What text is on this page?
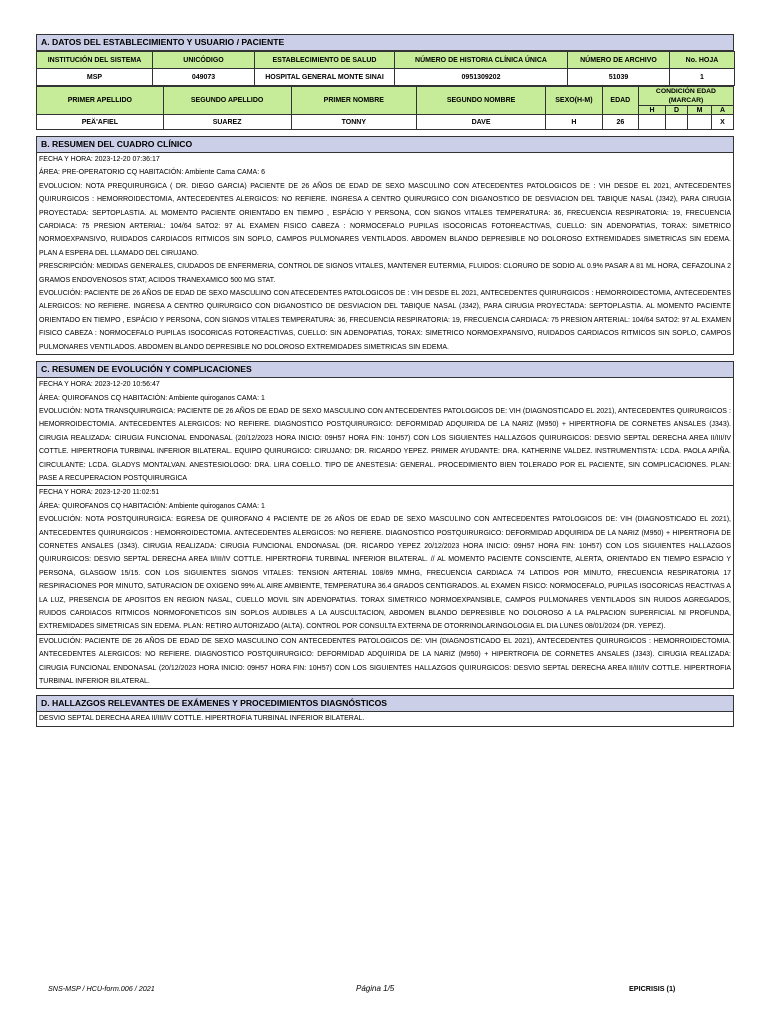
A. DATOS DEL ESTABLECIMIENTO Y USUARIO / PACIENTE
INSTITUCIÓN DEL SISTEMA	UNICÓDIGO	ESTABLECIMIENTO DE SALUD	NÚMERO DE HISTORIA CLÍNICA ÚNICA	NÚMERO DE ARCHIVO	No. HOJA
MSP	049073	HOSPITAL GENERAL MONTE SINAI	0951309202	51039	1
PRIMER APELLIDO	SEGUNDO APELLIDO	PRIMER NOMBRE	SEGUNDO NOMBRE	SEXO(H-M)	EDAD	CONDICIÓN EDAD (MARCAR)			
						H	D	M	A
PEÄ'AFIEL	SUAREZ	TONNY	DAVE	H	26				X
B. RESUMEN DEL CUADRO CLÍNICO
FECHA Y HORA: 2023-12-20 07:36:17
ÁREA: PRE-OPERATORIO CQ HABITACIÓN: Ambiente Cama CAMA: 6
EVOLUCION: NOTA PREQUIRURGICA ( DR. DIEGO GARCIA) PACIENTE DE 26 AÑOS DE EDAD DE SEXO MASCULINO CON ATECEDENTES PATOLOGICOS DE : VIH DESDE EL 2021, ANTECEDENTES QUIRURGICOS : HEMORROIDECTOMIA, ANTECEDENTES ALERGICOS: NO REFIERE. INGRESA A CENTRO QUIRURGICO CON DIGANOSTICO DE DESVIACION DEL TABIQUE NASAL (J342), PARA CIRUGIA PROYECTADA: SEPTOPLASTIA. AL MOMENTO PACIENTE ORIENTADO EN TIEMPO , ESPÁCIO Y PERSONA, CON SIGNOS VITALES TEMPERATURA: 36, FRECUENCIA RESPIRATORIA: 19, FRECUENCIA CARDIACA: 75 PRESION ARTERIAL: 104/64 SATO2: 97 AL EXAMEN FISICO CABEZA : NORMOCEFALO PUPILAS ISOCORICAS FOTOREACTIVAS, CUELLO: SIN ADENOPATIAS, TORAX: SIMETRICO NORMOEXPANSIVO, RUIDADOS CARDIACOS RITMICOS SIN SOPLO, CAMPOS PULMONARES VENTILADOS. ABDOMEN BLANDO DEPRESIBLE NO DOLOROSO EXTREMIDADES SIMETRICAS SIN EDEMA. PLAN A ESPERA DEL LLAMADO DEL CIRUJANO.
PRESCRIPCIÓN: MEDIDAS GENERALES, CIUDADOS DE ENFERMERIA, CONTROL DE SIGNOS VITALES, MANTENER EUTERMIA, FLUIDOS: CLORURO DE SODIO AL 0.9% PASAR A 81 ML HORA, CEFAZOLINA 2 GRAMOS ENDOVENOSOS STAT, ACIDOS TRANEXAMICO 500 MG STAT.
EVOLUCIÓN: PACIENTE DE 26 AÑOS DE EDAD DE SEXO MASCULINO CON ATECEDENTES PATOLOGICOS DE : VIH DESDE EL 2021, ANTECEDENTES QUIRURGICOS : HEMORROIDECTOMIA, ANTECEDENTES ALERGICOS: NO REFIERE. INGRESA A CENTRO QUIRURGICO CON DIGANOSTICO DE DESVIACION DEL TABIQUE NASAL (J342), PARA CIRUGIA PROYECTADA: SEPTOPLASTIA. AL MOMENTO PACIENTE ORIENTADO EN TIEMPO , ESPÁCIO Y PERSONA, CON SIGNOS VITALES TEMPERATURA: 36, FRECUENCIA RESPIRATORIA: 19, FRECUENCIA CARDIACA: 75 PRESION ARTERIAL: 104/64 SATO2: 97 AL EXAMEN FISICO CABEZA : NORMOCEFALO PUPILAS ISOCORICAS FOTOREACTIVAS, CUELLO: SIN ADENOPATIAS, TORAX: SIMETRICO NORMOEXPANSIVO, RUIDADOS CARDIACOS RITMICOS SIN SOPLO, CAMPOS PULMONARES VENTILADOS. ABDOMEN BLANDO DEPRESIBLE NO DOLOROSO EXTREMIDADES SIMETRICAS SIN EDEMA.
C. RESUMEN DE EVOLUCIÓN Y COMPLICACIONES
FECHA Y HORA: 2023-12-20 10:56:47
ÁREA: QUIROFANOS CQ HABITACIÓN: Ambiente quiroganos CAMA: 1
EVOLUCIÓN: NOTA TRANSQUIRURGICA: PACIENTE DE 26 AÑOS DE EDAD DE SEXO MASCULINO CON ANTECEDENTES PATOLOGICOS DE: VIH (DIAGNOSTICADO EL 2021), ANTECEDENTES QUIRURGICOS : HEMORROIDECTOMIA. ANTECEDENTES ALERGICOS: NO REFIERE. DIAGNOSTICO POSTQUIRURGICO: DEFORMIDAD ADQUIRIDA DE LA NARIZ (M950) + HIPERTROFIA DE CORNETES ANSALES (J343). CIRUGIA REALIZADA: CIRUGIA FUNCIONAL ENDONASAL (20/12/2023 HORA INICIO: 09H57 HORA FIN: 10H57) CON LOS SIGUIENTES HALLAZGOS QUIRURGICOS: DESVIO SEPTAL DERECHA AREA II/III/IV COTTLE. HIPERTROFIA TURBINAL INFERIOR BILATERAL. EQUIPO QUIRURGICO: CIRUJANO: DR. RICARDO YEPEZ. PRIMER AYUDANTE: DRA. KATHERINE VALDEZ. INSTRUMENTISTA: LCDA. PAOLA APIÑA. CIRCULANTE: LCDA. GLADYS MONTALVAN. ANESTESIOLOGO: DRA. LIRA COELLO. TIPO DE ANESTESIA: GENERAL. PROCEDIMIENTO BIEN TOLERADO POR EL PACIENTE, SIN COMPLICACIONES. PLAN: PASE A RECUPERACION POSTQUIRURGICA
FECHA Y HORA: 2023-12-20 11:02:51
ÁREA: QUIROFANOS CQ HABITACIÓN: Ambiente quiroganos CAMA: 1
EVOLUCIÓN: NOTA POSTQUIRURGICA: EGRESA DE QUIROFANO 4 PACIENTE DE 26 AÑOS DE EDAD DE SEXO MASCULINO CON ANTECEDENTES PATOLOGICOS DE: VIH (DIAGNOSTICADO EL 2021), ANTECEDENTES QUIRURGICOS : HEMORROIDECTOMIA. ANTECEDENTES ALERGICOS: NO REFIERE. DIAGNOSTICO POSTQUIRURGICO: DEFORMIDAD ADQUIRIDA DE LA NARIZ (M950) + HIPERTROFIA DE CORNETES ANSALES (J343). CIRUGIA REALIZADA: CIRUGIA FUNCIONAL ENDONASAL (DR. RICARDO YEPEZ 20/12/2023 HORA INICIO: 09H57 HORA FIN: 10H57) CON LOS SIGUIENTES HALLAZGOS QUIRURGICOS: DESVIO SEPTAL DERECHA AREA II/III/IV COTTLE. HIPERTROFIA TURBINAL INFERIOR BILATERAL. // AL MOMENTO PACIENTE CONSCIENTE, ALERTA, ORIENTADO EN TIEMPO ESPACIO Y PERSONA, GLASGOW 15/15. CON LOS SIGUIENTES SIGNOS VITALES: TENSION ARTERIAL 108/69 MMHG, FRECUENCIA CARDIACA 74 LATIDOS POR MINUTO, FRECUENCIA RESPIRATORIA 17 RESPIRACIONES POR MINUTO, SATURACION DE OXIGENO 99% AL AIRE AMBIENTE, TEMPERATURA 36.4 GRADOS CENTIGRADOS. AL EXAMEN FISICO: NORMOCEFALO, PUPILAS ISOCORICAS REACTIVAS A LA LUZ, PRESENCIA DE APOSITOS EN REGION NASAL, CUELLO MOVIL SIN ADENOPATIAS. TORAX SIMETRICO NORMOEXPANSIBLE, CAMPOS PULMONARES VENTILADOS SIN RUIDOS AGREGADOS, RUIDOS CARDIACOS RITMICOS NORMOFONETICOS SIN SOPLOS AUDIBLES A LA AUSCULTACION, ABDOMEN BLANDO DEPRESIBLE NO DOLOROSO A LA PALPACION SUPERFICIAL NI PROFUNDA, EXTREMIDADES SIMETRICAS SIN EDEMA. PLAN: RETIRO AUTORIZADO (ALTA). CONTROL POR CONSULTA EXTERNA DE OTORRINOLARINGOLOGIA EL DIA LUNES 08/01/2024 (DR. YEPEZ).
EVOLUCIÓN: PACIENTE DE 26 AÑOS DE EDAD DE SEXO MASCULINO CON ANTECEDENTES PATOLOGICOS DE: VIH (DIAGNOSTICADO EL 2021), ANTECEDENTES QUIRURGICOS : HEMORROIDECTOMIA. ANTECEDENTES ALERGICOS: NO REFIERE. DIAGNOSTICO POSTQUIRURGICO: DEFORMIDAD ADQUIRIDA DE LA NARIZ (M950) + HIPERTROFIA DE CORNETES ANSALES (J343). CIRUGIA REALIZADA: CIRUGIA FUNCIONAL ENDONASAL (20/12/2023 HORA INICIO: 09H57 HORA FIN: 10H57) CON LOS SIGUIENTES HALLAZGOS QUIRURGICOS: DESVIO SEPTAL DERECHA AREA II/III/IV COTTLE. HIPERTROFIA TURBINAL INFERIOR BILATERAL.
D. HALLAZGOS RELEVANTES DE EXÁMENES Y PROCEDIMIENTOS DIAGNÓSTICOS
DESVIO SEPTAL DERECHA AREA II/III/IV COTTLE. HIPERTROFIA TURBINAL INFERIOR BILATERAL.
SNS-MSP / HCU-form.006 / 2021	Página 1/5	EPICRISIS (1)
